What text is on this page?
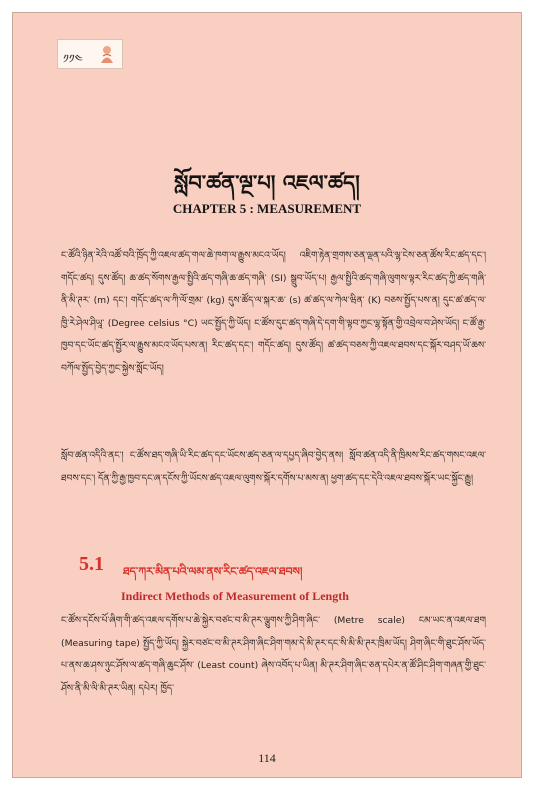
༡༡༤
སློབ་ཚན་ལྔ་པ། འཇལ་ཚད།
CHAPTER 5 : MEASUREMENT
ང་ཚོའི་ཉིན་རེའི་འཚོ་བའི་ཁྲོད་ཀྱི་འཇལ་ཚད་གལ་ཆེ་ཁག་ལ་རྒྱུས་མངའ་ཡོད། འཇིག་རྟེན་གྲགས་ཅན་ལྡན་པའི་ལྷ་ངེས་ཅན་ཚོས་རིང་ཚད་དང་། གདོང་ཚད། དུས་ཚོད། ཆ་ཚད་སོགས་རྒྱལ་སྤྱིའི་ཚད་གཞི་ཆ་ཚད་གཞི་ (SI) སྒྲུབ་ཡོད་པ། རྒྱལ་སྤྱིའི་ཚད་གཞི་ལུགས་ལྟར་རིང་ཚད་ཀྱི་ཚད་གཞི་ནི་མི་ཊར་ (m) དང་། གདོང་ཚད་ལ་ཀི་ལོ་གྲམ་ (kg) དུས་ཚོད་ལ་སྐར་ཆ་ (s) ཚ་ཚད་ལ་ཀེལ་ཝིན་ (K) བཅས་སྤྱོད་པས་ན། དུང་ཚ་ཚད་ལ་ཁྱི་རེ་ཤེལ་ཤིཡཱ་ (Degree celsius °C) ཡང་སྤྱོད་ཀྱི་ཡོད། ང་ཚོས་དུང་ཚད་གཞི་དེ་དག་གི་ལྟབ་ཀྱང་ལྷ་སྟོན་གྱི་འབྲེལ་བ་ཤེས་ཡོད། ང་ཚོ་རྒྱ་ཁྱབ་དང་ཡོང་ཚད་སྤྱོར་ལ་རྒྱུས་མངའ་ཡོད་པས་ན། རིང་ཚད་དང་། གདོང་ཚད། དུས་ཚོད། ཚ་ཚད་བཅས་ཀྱི་འཇལ་ཐབས་དང་སྐོར་བཤད་ཡོ་ཆས་བཀོལ་སྤྱོད་བྱེད་ཀྱང་སྐྱེས་སློང་ཡོད།
སློབ་ཚན་འདིའི་ནང་། ང་ཚོས་ཐད་གཞི་ཡི་རིང་ཚད་དང་ཡོངས་ཚད་ཅན་ལ་དཔྱད་ཞིབ་བྱེད་ནས། སློབ་ཚན་འདི་ནི་ཁྲིམས་རིང་ཚད་གསང་འཇལ་ཐབས་དང་། དོན་ཀྱི་རྒྱ་ཁྱབ་དང་ཞ་དངོས་ཀྱི་ཡོངས་ཚད་འཇལ་ལུགས་སྐོར་དགོས་པ་མས་ན། ཕྱག་ཚད་དང་དེའི་འཇལ་ཐབས་སྐོར་ཡང་སྐྱོང་རྒྱུ།
5.1 ཐད་ཀར་མིན་པའི་ལམ་ནས་རིང་ཚད་འཇལ་ཐབས།
Indirect Methods of Measurement of Length
ང་ཚོས་དངོས་པོ་ཞིག་གི་ཚད་འཇལ་དགོས་པ་ཆེ་སྐྱེར་བཙང་བ་མི་ཊར་ལྕུགས་ཀྱི་ཤིག་ཞིང་ (Metre scale) ངམ་ཡང་ན་འཇལ་ཐག (Measuring tape) སྤྱོད་ཀྱི་ཡོད། སྐྱེར་བཙང་བ་མི་ཊར་ཤིག་ཞིང་ཤིག་གམ་དེ་མི་ཊར་དང་སི་མི་མི་ཊར་ཁྲིམ་ཡོད། ཤིག་ཞིང་གི་ཐུང་ཤོས་ཡོད་པ་ནས་ཆ་ཤས་ཉུང་ཤོས་ལ་ཚད་གཞི་ཆུང་ཤོས་ (Least count) ཞེས་འབོད་པ་ཡིན། མི་ཊར་ཤིག་ཞིང་ཅན་དཔེར་ན་ཚོ་ཤིང་ཤིག་གཞན་གྱི་ཐུང་ཤོས་ནི་མི་ལི་མི་ཊར་ཡིན། དཔེར། ཁྱོད་
114
